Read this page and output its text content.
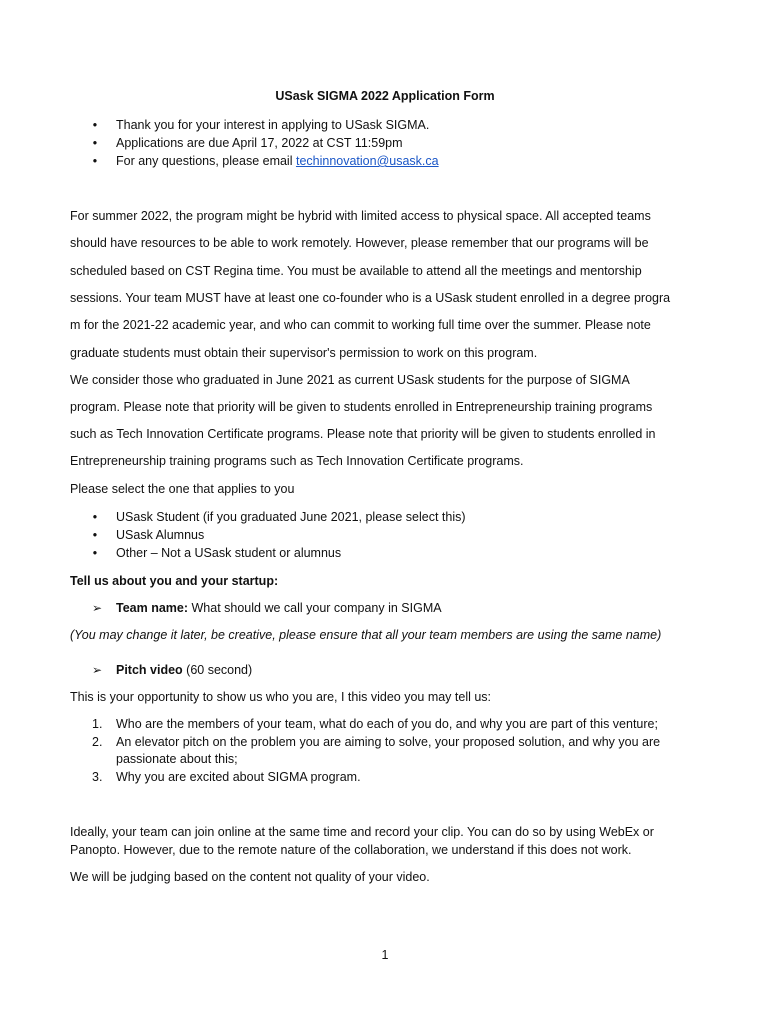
USask SIGMA 2022 Application Form
• Thank you for your interest in applying to USask SIGMA.
• Applications are due April 17, 2022 at CST 11:59pm
• For any questions, please email techinnovation@usask.ca
For summer 2022, the program might be hybrid with limited access to physical space. All accepted teams
should have resources to be able to work remotely. However, please remember that our programs will be
scheduled based on CST Regina time. You must be available to attend all the meetings and mentorship
sessions. Your team MUST have at least one co-founder who is a USask student enrolled in a degree progra
m for the 2021-22 academic year, and who can commit to working full time over the summer. Please note
graduate students must obtain their supervisor's permission to work on this program.
We consider those who graduated in June 2021 as current USask students for the purpose of SIGMA
program. Please note that priority will be given to students enrolled in Entrepreneurship training programs
such as Tech Innovation Certificate programs. Please note that priority will be given to students enrolled in
Entrepreneurship training programs such as Tech Innovation Certificate programs.
Please select the one that applies to you
• USask Student (if you graduated June 2021, please select this)
• USask Alumnus
• Other – Not a USask student or alumnus
Tell us about you and your startup:
➢ Team name: What should we call your company in SIGMA
(You may change it later, be creative, please ensure that all your team members are using the same name)
➢ Pitch video (60 second)
This is your opportunity to show us who you are, I this video you may tell us:
1. Who are the members of your team, what do each of you do, and why you are part of this venture;
2. An elevator pitch on the problem you are aiming to solve, your proposed solution, and why you are
passionate about this;
3. Why you are excited about SIGMA program.
Ideally, your team can join online at the same time and record your clip. You can do so by using WebEx or
Panopto. However, due to the remote nature of the collaboration, we understand if this does not work.
We will be judging based on the content not quality of your video.
1
